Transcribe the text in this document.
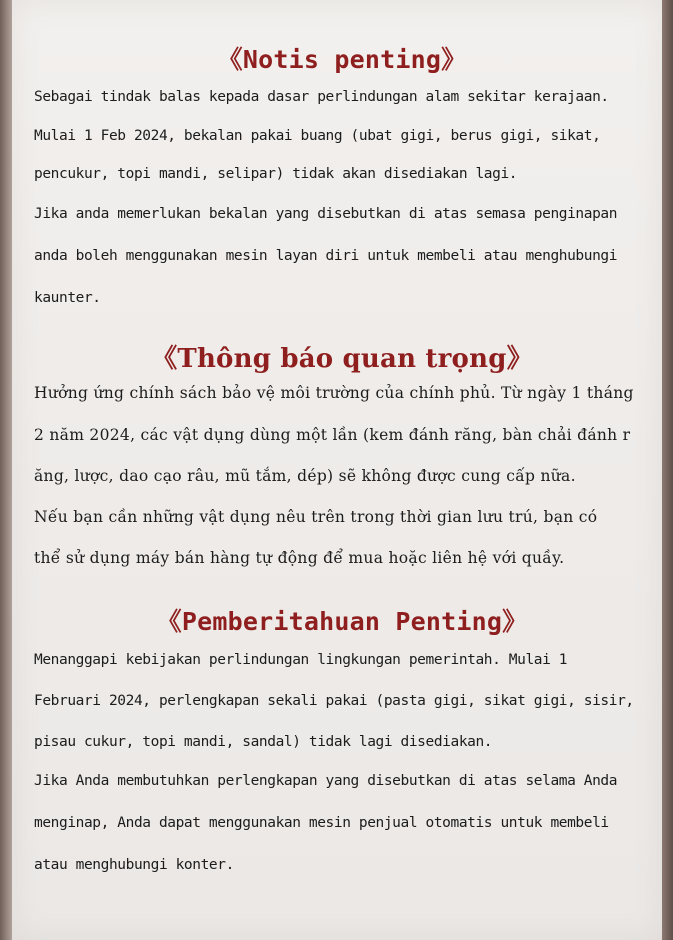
《Notis penting》
Sebagai tindak balas kepada dasar perlindungan alam sekitar kerajaan.
Mulai 1 Feb 2024, bekalan pakai buang (ubat gigi, berus gigi, sikat,
pencukur, topi mandi, selipar) tidak akan disediakan lagi.
Jika anda memerlukan bekalan yang disebutkan di atas semasa penginapan
anda boleh menggunakan mesin layan diri untuk membeli atau menghubungi
kaunter.
《Thông báo quan trọng》
Hưởng ứng chính sách bảo vệ môi trường của chính phủ. Từ ngày 1 tháng
2 năm 2024, các vật dụng dùng một lần (kem đánh răng, bàn chải đánh r
ăng, lược, dao cạo râu, mũ tắm, dép) sẽ không được cung cấp nữa.
Nếu bạn cần những vật dụng nêu trên trong thời gian lưu trú, bạn có
thể sử dụng máy bán hàng tự động để mua hoặc liên hệ với quầy.
《Pemberitahuan Penting》
Menanggapi kebijakan perlindungan lingkungan pemerintah. Mulai 1
Februari 2024, perlengkapan sekali pakai (pasta gigi, sikat gigi, sisir,
pisau cukur, topi mandi, sandal) tidak lagi disediakan.
Jika Anda membutuhkan perlengkapan yang disebutkan di atas selama Anda
menginap, Anda dapat menggunakan mesin penjual otomatis untuk membeli
atau menghubungi konter.
